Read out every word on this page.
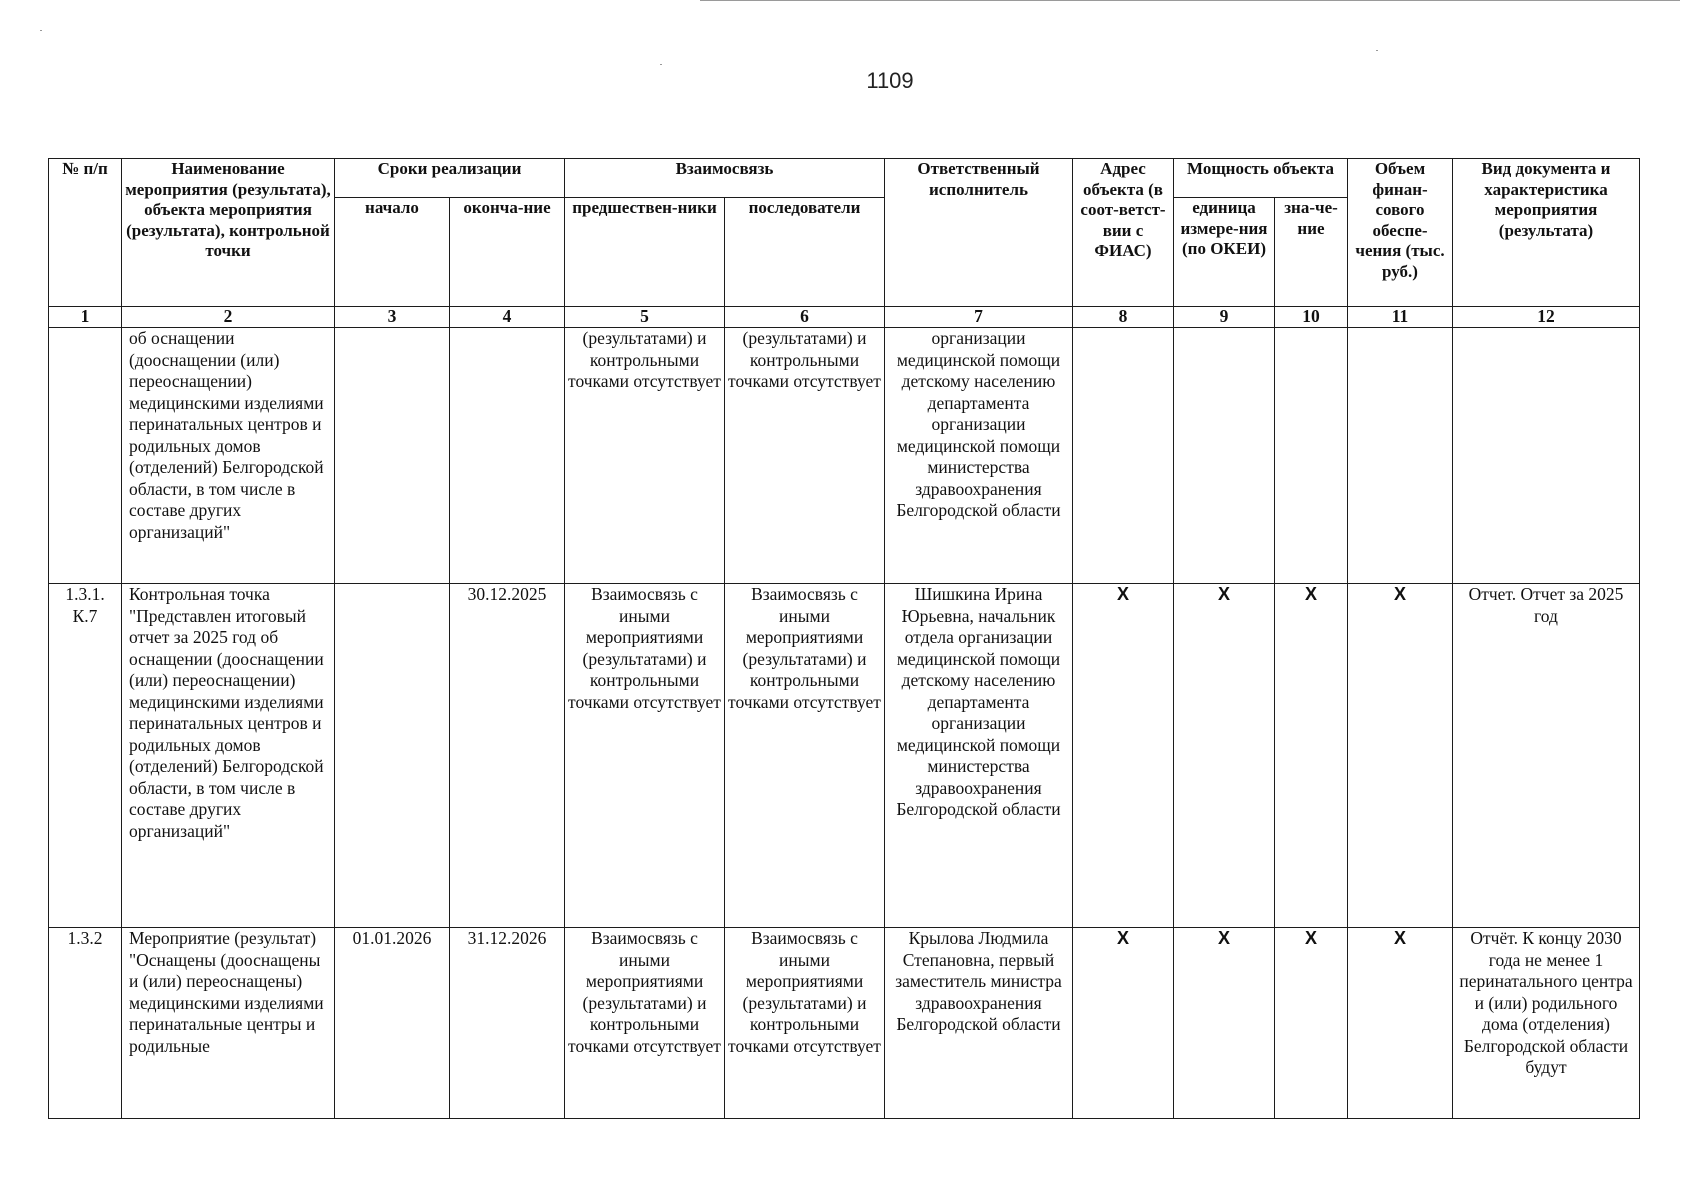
1109
№ п/п	Наименование мероприятия (результата), объекта мероприятия (результата), контрольной точки	Сроки реализации		Взаимосвязь		Ответственный исполнитель	Адрес объекта (в соот-ветст-вии с ФИАС)	Мощность объекта		Объем финан-сового обеспе-чения (тыс. руб.)	Вид документа и характеристика мероприятия (результата)
		начало	оконча-ние	предшествен-ники	последователи			единица измере-ния (по ОКЕИ)	зна-че-ние		
1	2	3	4	5	6	7	8	9	10	11	12
	об оснащении (дооснащении (или) переоснащении) медицинскими изделиями перинатальных центров и родильных домов (отделений) Белгородской области, в том числе в составе других организаций"			(результатами) и контрольными точками отсутствует	(результатами) и контрольными точками отсутствует	организации медицинской помощи детскому населению департамента организации медицинской помощи министерства здравоохранения Белгородской области					
1.3.1. К.7	Контрольная точка "Представлен итоговый отчет за 2025 год об оснащении (дооснащении (или) переоснащении) медицинскими изделиями перинатальных центров и родильных домов (отделений) Белгородской области, в том числе в составе других организаций"		30.12.2025	Взаимосвязь с иными мероприятиями (результатами) и контрольными точками отсутствует	Взаимосвязь с иными мероприятиями (результатами) и контрольными точками отсутствует	Шишкина Ирина Юрьевна, начальник отдела организации медицинской помощи детскому населению департамента организации медицинской помощи министерства здравоохранения Белгородской области	X	X	X	X	Отчет. Отчет за 2025 год
1.3.2	Мероприятие (результат) "Оснащены (дооснащены и (или) переоснащены) медицинскими изделиями перинатальные центры и родильные	01.01.2026	31.12.2026	Взаимосвязь с иными мероприятиями (результатами) и контрольными точками отсутствует	Взаимосвязь с иными мероприятиями (результатами) и контрольными точками отсутствует	Крылова Людмила Степановна, первый заместитель министра здравоохранения Белгородской области	X	X	X	X	Отчёт. К концу 2030 года не менее 1 перинатального центра и (или) родильного дома (отделения) Белгородской области будут
